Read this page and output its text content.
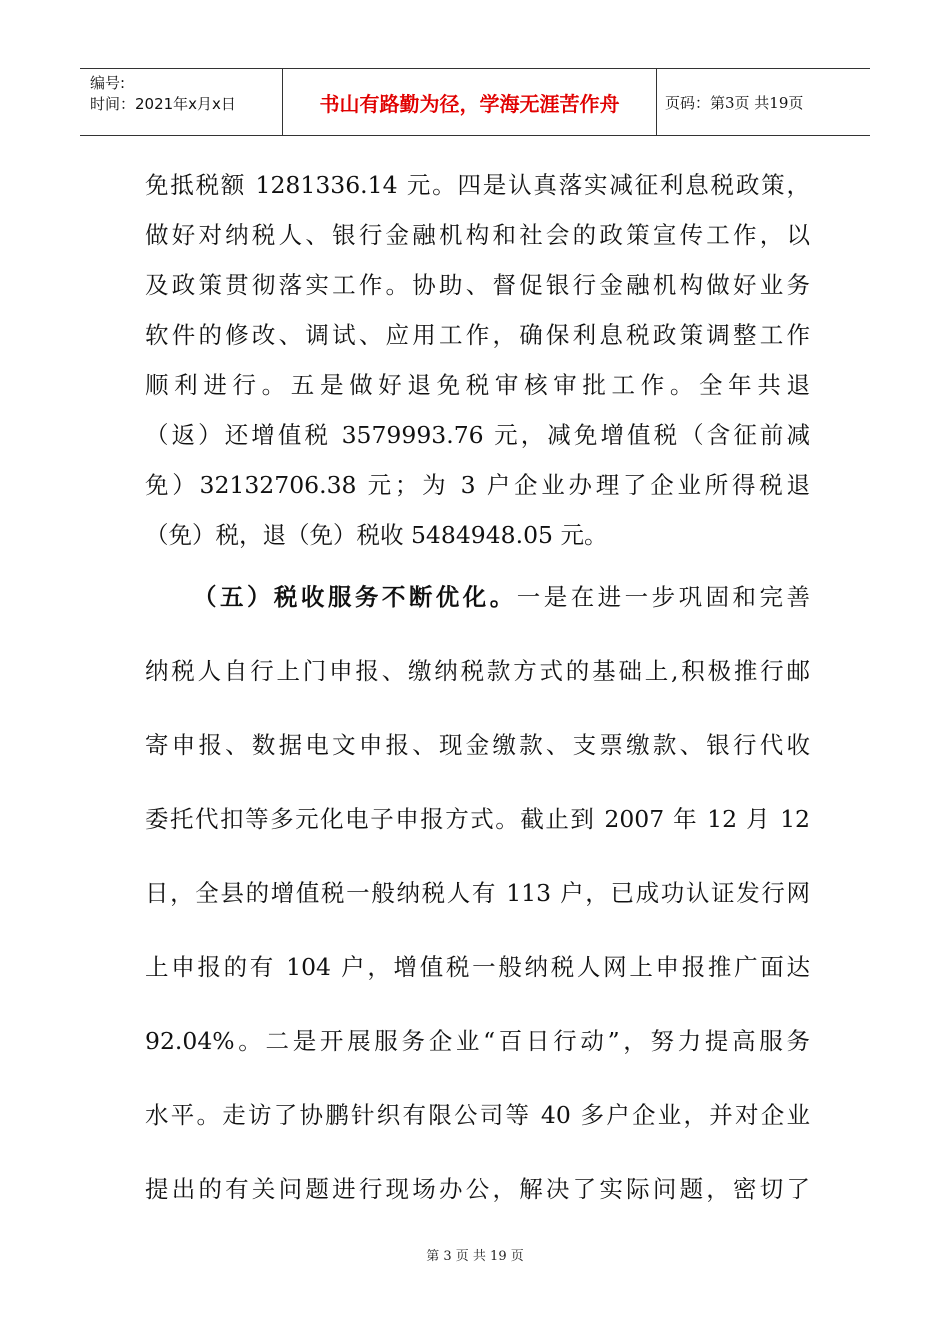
编号:
时间：2021年x月x日	书山有路勤为径，学海无涯苦作舟	页码：第3页 共19页
免抵税额 1281336.14 元。四是认真落实减征利息税政策，
做好对纳税人、银行金融机构和社会的政策宣传工作，以
及政策贯彻落实工作。协助、督促银行金融机构做好业务
软件的修改、调试、应用工作，确保利息税政策调整工作
顺利进行。五是做好退免税审核审批工作。全年共退
（返）还增值税 3579993.76 元，减免增值税（含征前减
免）32132706.38 元；为 3 户企业办理了企业所得税退
（免）税，退（免）税收 5484948.05 元。
（五）税收服务不断优化。一是在进一步巩固和完善
纳税人自行上门申报、缴纳税款方式的基础上,积极推行邮
寄申报、数据电文申报、现金缴款、支票缴款、银行代收
委托代扣等多元化电子申报方式。截止到 2007 年 12 月 12
日，全县的增值税一般纳税人有 113 户，已成功认证发行网
上申报的有 104 户，增值税一般纳税人网上申报推广面达
92.04%。二是开展服务企业“百日行动”，努力提高服务
水平。走访了协鹏针织有限公司等 40 多户企业，并对企业
提出的有关问题进行现场办公，解决了实际问题，密切了
第 3 页 共 19 页
